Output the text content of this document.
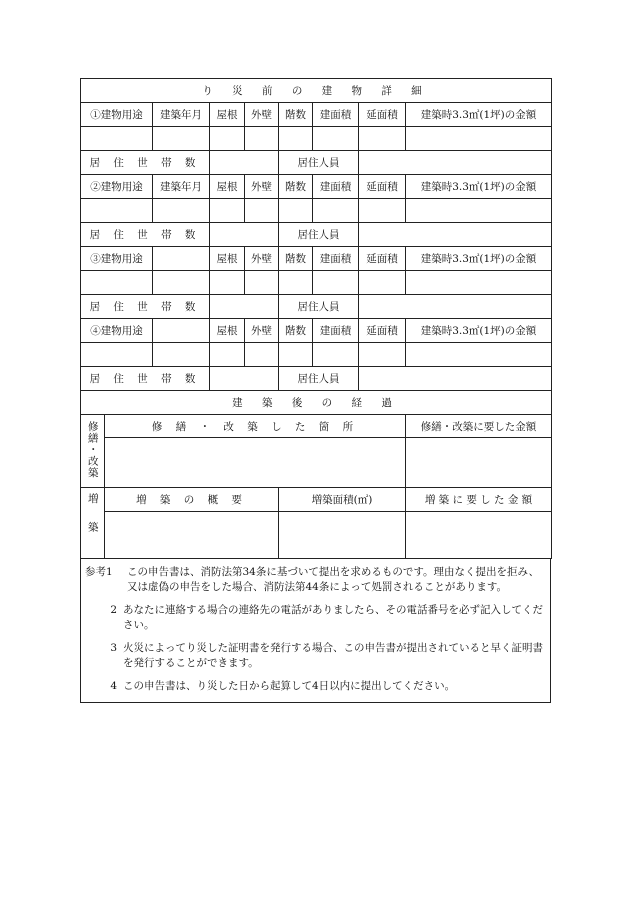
り 災 前 の 建 物 詳 細								
①建物用途		建築年月	屋根	外壁	階数	建面積	延面積	建築時3.3㎡(1坪)の金額

居 住 世 帯 数					居住人員			
②建物用途		建築年月	屋根	外壁	階数	建面積	延面積	建築時3.3㎡(1坪)の金額

居 住 世 帯 数					居住人員			
③建物用途			屋根	外壁	階数	建面積	延面積	建築時3.3㎡(1坪)の金額

居 住 世 帯 数					居住人員			
④建物用途			屋根	外壁	階数	建面積	延面積	建築時3.3㎡(1坪)の金額

居 住 世 帯 数					居住人員			
建 築 後 の 経 過								
修繕・改築	修 繕 ・ 改 築 し た 箇 所							修繕・改築に要した金額

増築	増 築 の 概 要				増築面積(㎡)			増 築 に 要 し た 金 額

参考1	この申告書は、消防法第34条に基づいて提出を求めるものです。理由なく提出を拒み、又は虚偽の申告をした場合、消防法第44条によって処罰されることがあります。
2 あなたに連絡する場合の連絡先の電話がありましたら、その電話番号を必ず記入してください。
3 火災によってり災した証明書を発行する場合、この申告書が提出されていると早く証明書を発行することができます。
4 この申告書は、り災した日から起算して4日以内に提出してください。
